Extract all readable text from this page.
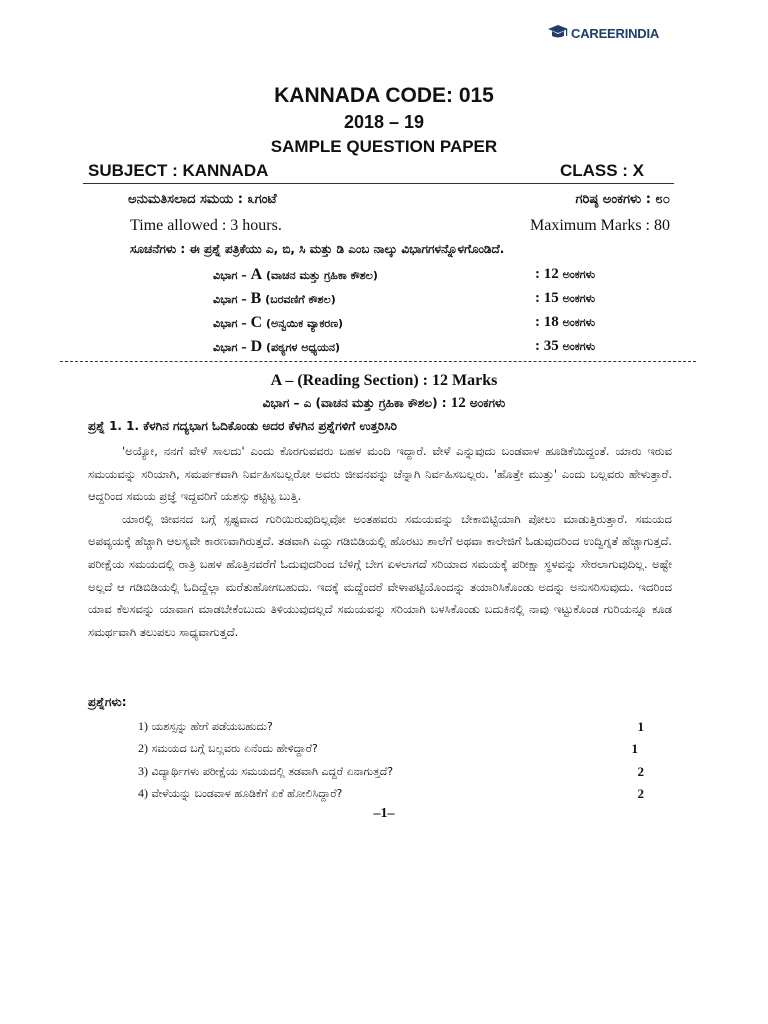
CAREERINDIA
KANNADA CODE: 015
2018 – 19
SAMPLE QUESTION PAPER
SUBJECT : KANNADA	CLASS : X
ಅನುಮತಿಸಲಾದ ಸಮಯ : ೩ಗಂಟೆ	ಗರಿಷ್ಠ ಅಂಕಗಳು : ೮೦
Time allowed : 3 hours.	Maximum Marks : 80
ಸೂಚನೆಗಳು : ಈ ಪ್ರಶ್ನೆ ಪತ್ರಿಕೆಯು ಎ, ಬಿ, ಸಿ ಮತ್ತು ಡಿ ಎಂಬ ನಾಲ್ಕು ವಿಭಾಗಗಳನ್ನೊಳಗೊಂಡಿದೆ.
ವಿಭಾಗ – A (ವಾಚನ ಮತ್ತು ಗ್ರಹಿಕಾ ಕೌಶಲ)	: 12 ಅಂಕಗಳು
ವಿಭಾಗ – B (ಬರವಣಿಗೆ ಕೌಶಲ)	: 15 ಅಂಕಗಳು
ವಿಭಾಗ – C (ಅನ್ವಯಿಕ ವ್ಯಾಕರಣ)	: 18 ಅಂಕಗಳು
ವಿಭಾಗ – D (ಪಠ್ಯಗಳ ಅಧ್ಯಯನ)	: 35 ಅಂಕಗಳು
A – (Reading Section) : 12 Marks
ವಿಭಾಗ – ಎ (ವಾಚನ ಮತ್ತು ಗ್ರಹಿಕಾ ಕೌಶಲ) : 12 ಅಂಕಗಳು
ಪ್ರಶ್ನೆ 1. 1. ಕೆಳಗಿನ ಗದ್ಯಭಾಗ ಓದಿಕೊಂಡು ಅದರ ಕೆಳಗಿನ ಪ್ರಶ್ನೆಗಳಿಗೆ ಉತ್ತರಿಸಿರಿ

'ಅಯ್ಯೋ, ನನಗೆ ವೇಳೆ ಸಾಲದು' ಎಂದು ಕೊರಗುವವರು ಬಹಳ ಮಂದಿ ಇದ್ದಾರೆ. ವೇಳೆ ಎನ್ನುವುದು ಬಂಡವಾಳ ಹೂಡಿಕೆಯಿದ್ದಂತೆ. ಯಾರು ಇರುವ ಸಮಯವನ್ನು ಸರಿಯಾಗಿ, ಸಮರ್ಪಕವಾಗಿ ನಿರ್ವಹಿಸಬಲ್ಲರೋ ಅವರು ಜೀವನವನ್ನು ಚೆನ್ನಾಗಿ ನಿರ್ವಹಿಸಬಲ್ಲರು. 'ಹೊತ್ತೇ ಮುತ್ತು' ಎಂದು ಬಲ್ಲವರು ಹೇಳುತ್ತಾರೆ. ಆದ್ದರಿಂದ ಸಮಯ ಪ್ರಜ್ಞೆ ಇದ್ದವರಿಗೆ ಯಶಸ್ಸು ಕಟ್ಟಿಟ್ಟ ಬುತ್ತಿ.

ಯಾರಲ್ಲಿ ಜೀವನದ ಬಗ್ಗೆ ಸ್ಪಷ್ಟವಾದ ಗುರಿಯಿರುವುದಿಲ್ಲವೋ ಅಂತಹವರು ಸಮಯವನ್ನು ಬೇಕಾಬಿಟ್ಟಿಯಾಗಿ ಪೋಲು ಮಾಡುತ್ತಿರುತ್ತಾರೆ. ಸಮಯದ ಅಪವ್ಯಯಕ್ಕೆ ಹೆಚ್ಚಾಗಿ ಆಲಸ್ಯವೇ ಕಾರಣವಾಗಿರುತ್ತದೆ. ತಡವಾಗಿ ಎದ್ದು ಗಡಿಬಿಡಿಯಲ್ಲಿ ಹೊರಟು ಶಾಲೆಗೆ ಅಥವಾ ಕಾಲೇಜಿಗೆ ಓಡುವುದರಿಂದ ಉದ್ವಿಗ್ನತೆ ಹೆಚ್ಚಾಗುತ್ತದೆ. ಪರೀಕ್ಷೆಯ ಸಮಯದಲ್ಲಿ ರಾತ್ರಿ ಬಹಳ ಹೊತ್ತಿನವರೆಗೆ ಓದುವುದರಿಂದ ಬೆಳಿಗ್ಗೆ ಬೇಗ ಏಳಲಾಗದೆ ಸರಿಯಾದ ಸಮಯಕ್ಕೆ ಪರೀಕ್ಷಾ ಸ್ಥಳವನ್ನು ಸೇರಲಾಗುವುದಿಲ್ಲ. ಅಷ್ಟೇ ಅಲ್ಲದೆ ಆ ಗಡಿಬಿಡಿಯಲ್ಲಿ ಓದಿದ್ದೆಲ್ಲಾ ಮರೆತುಹೋಗಬಹುದು. ಇದಕ್ಕೆ ಮದ್ದೆಂದರೆ ವೇಳಾಪಟ್ಟಿಯೊಂದನ್ನು ತಯಾರಿಸಿಕೊಂಡು ಅದನ್ನು ಅನುಸರಿಸುವುದು. ಇದರಿಂದ ಯಾವ ಕೆಲಸವನ್ನು ಯಾವಾಗ ಮಾಡಬೇಕೆಂಬುದು ತಿಳಿಯುವುದಲ್ಲದೆ ಸಮಯವನ್ನು ಸರಿಯಾಗಿ ಬಳಸಿಕೊಂಡು ಬದುಕಿನಲ್ಲಿ ನಾವು ಇಟ್ಟುಕೊಂಡ ಗುರಿಯನ್ನೂ ಕೂಡ ಸಮರ್ಥವಾಗಿ ತಲುಪಲು ಸಾಧ್ಯವಾಗುತ್ತದೆ.

ಪ್ರಶ್ನೆಗಳು:
1) ಯಶಸ್ಸನ್ನು ಹೇಗೆ ಪಡೆಯಬಹುದು?	1
2) ಸಮಯದ ಬಗ್ಗೆ ಬಲ್ಲವರು ಏನೆಂದು ಹೇಳಿದ್ದಾರೆ?	1
3) ವಿದ್ಯಾರ್ಥಿಗಳು ಪರೀಕ್ಷೆಯ ಸಮಯದಲ್ಲಿ ತಡವಾಗಿ ಎದ್ದರೆ ಏನಾಗುತ್ತದೆ?	2
4) ವೇಳೆಯನ್ನು ಬಂಡವಾಳ ಹೂಡಿಕೆಗೆ ಏಕೆ ಹೋಲಿಸಿದ್ದಾರೆ?	2
–1–
